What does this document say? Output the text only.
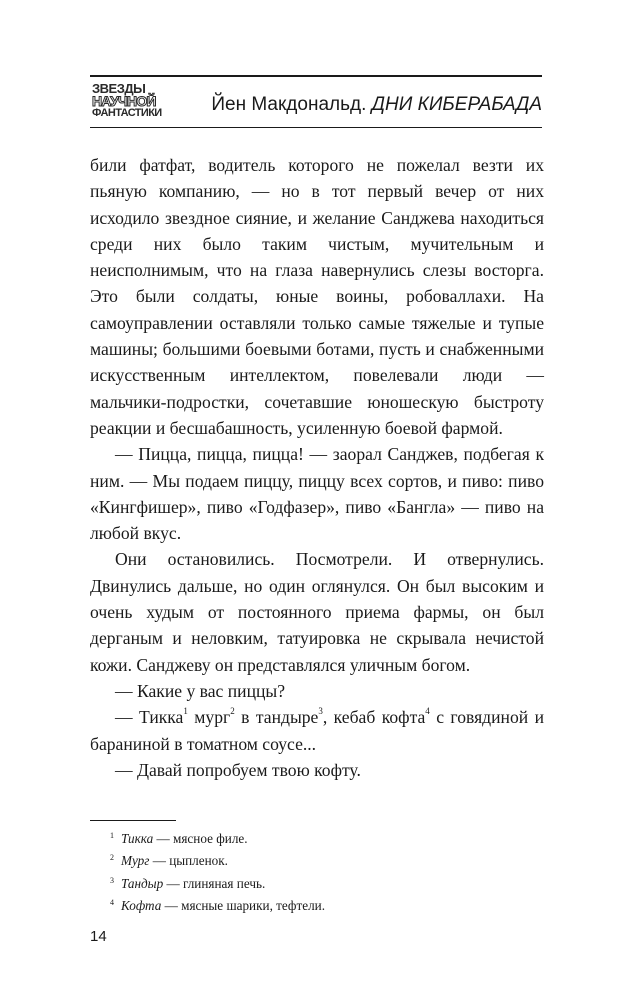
ЗВЕЗДЫ
НАУЧНОЙ
ФАНТАСТИКИ	Йен Макдональд. ДНИ КИБЕРАБАДА

били фатфат, водитель которого не пожелал везти их пьяную компанию, — но в тот первый вечер от них исходило звездное сияние, и желание Санджева находиться среди них было таким чистым, мучительным и неисполнимым, что на глаза навернулись слезы восторга. Это были солдаты, юные воины, робоваллахи. На самоуправлении оставляли только самые тяжелые и тупые машины; большими боевыми ботами, пусть и снабженными искусственным интеллектом, повелевали люди — мальчики-подростки, сочетавшие юношескую быстроту реакции и бесшабашность, усиленную боевой фармой.

— Пицца, пицца, пицца! — заорал Санджев, подбегая к ним. — Мы подаем пиццу, пиццу всех сортов, и пиво: пиво «Кингфишер», пиво «Годфазер», пиво «Бангла» — пиво на любой вкус.

Они остановились. Посмотрели. И отвернулись. Двинулись дальше, но один оглянулся. Он был высоким и очень худым от постоянного приема фармы, он был дерганым и неловким, татуировка не скрывала нечистой кожи. Санджеву он представлялся уличным богом.

— Какие у вас пиццы?

— Тикка$^1$ мург$^2$ в тандыре$^3$, кебаб кофта$^4$ с говядиной и бараниной в томатном соусе...

— Давай попробуем твою кофту.

$^1$ Тикка — мясное филе.
$^2$ Мург — цыпленок.
$^3$ Тандыр — глиняная печь.
$^4$ Кофта — мясные шарики, тефтели.
14
